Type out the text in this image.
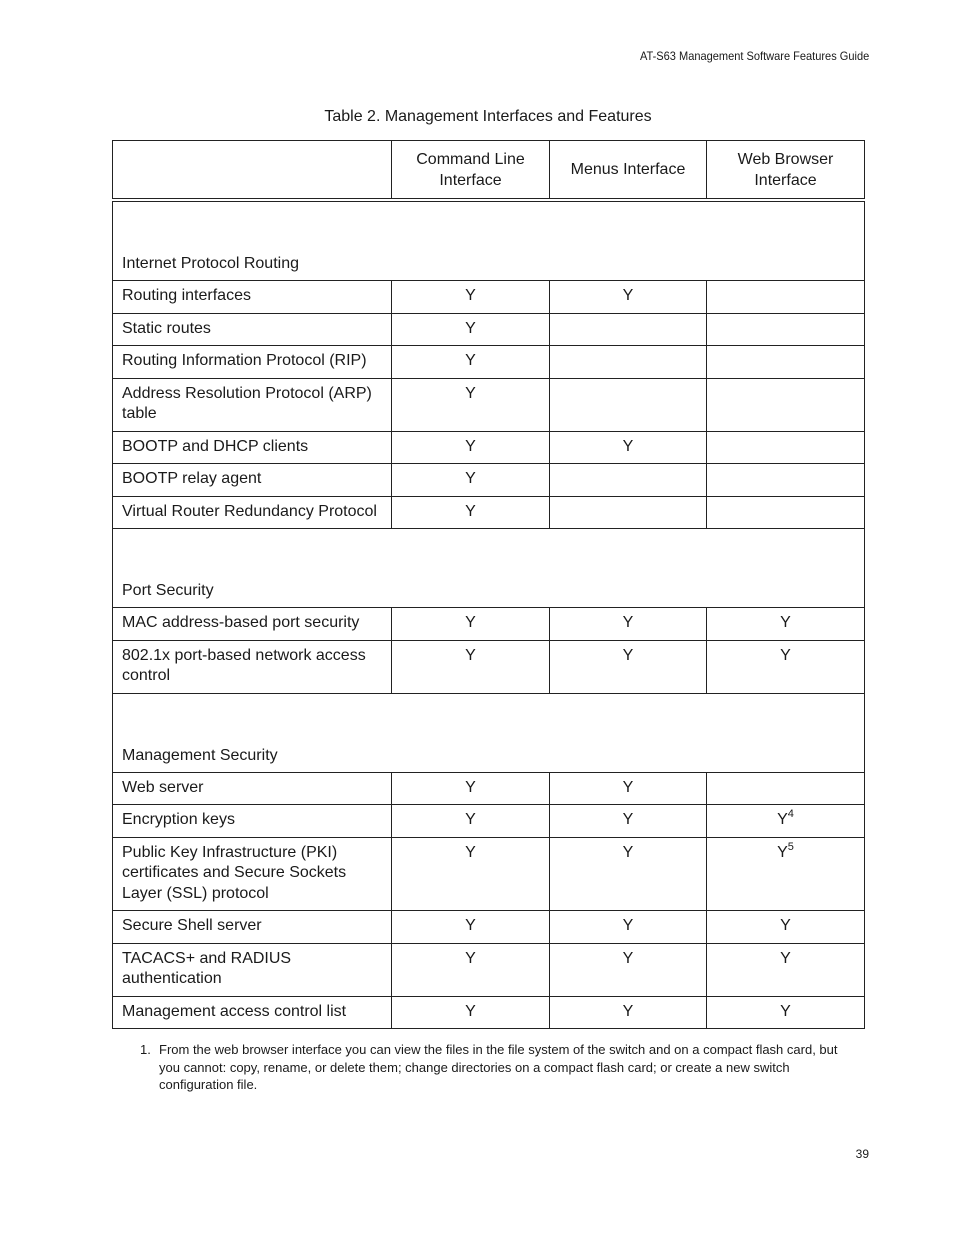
AT-S63 Management Software Features Guide
Table 2. Management Interfaces and Features
	Command Line Interface	Menus Interface	Web Browser Interface
Internet Protocol Routing			
Routing interfaces	Y	Y	
Static routes	Y		
Routing Information Protocol (RIP)	Y		
Address Resolution Protocol (ARP) table	Y		
BOOTP and DHCP clients	Y	Y	
BOOTP relay agent	Y		
Virtual Router Redundancy Protocol	Y		
Port Security			
MAC address-based port security	Y	Y	Y
802.1x port-based network access control	Y	Y	Y
Management Security			
Web server	Y	Y	
Encryption keys	Y	Y	$Y^4$
Public Key Infrastructure (PKI) certificates and Secure Sockets Layer (SSL) protocol	Y	Y	$Y^5$
Secure Shell server	Y	Y	Y
TACACS+ and RADIUS authentication	Y	Y	Y
Management access control list	Y	Y	Y
1. From the web browser interface you can view the files in the file system of the switch and on a compact flash card, but you cannot: copy, rename, or delete them; change directories on a compact flash card; or create a new switch configuration file.
39
